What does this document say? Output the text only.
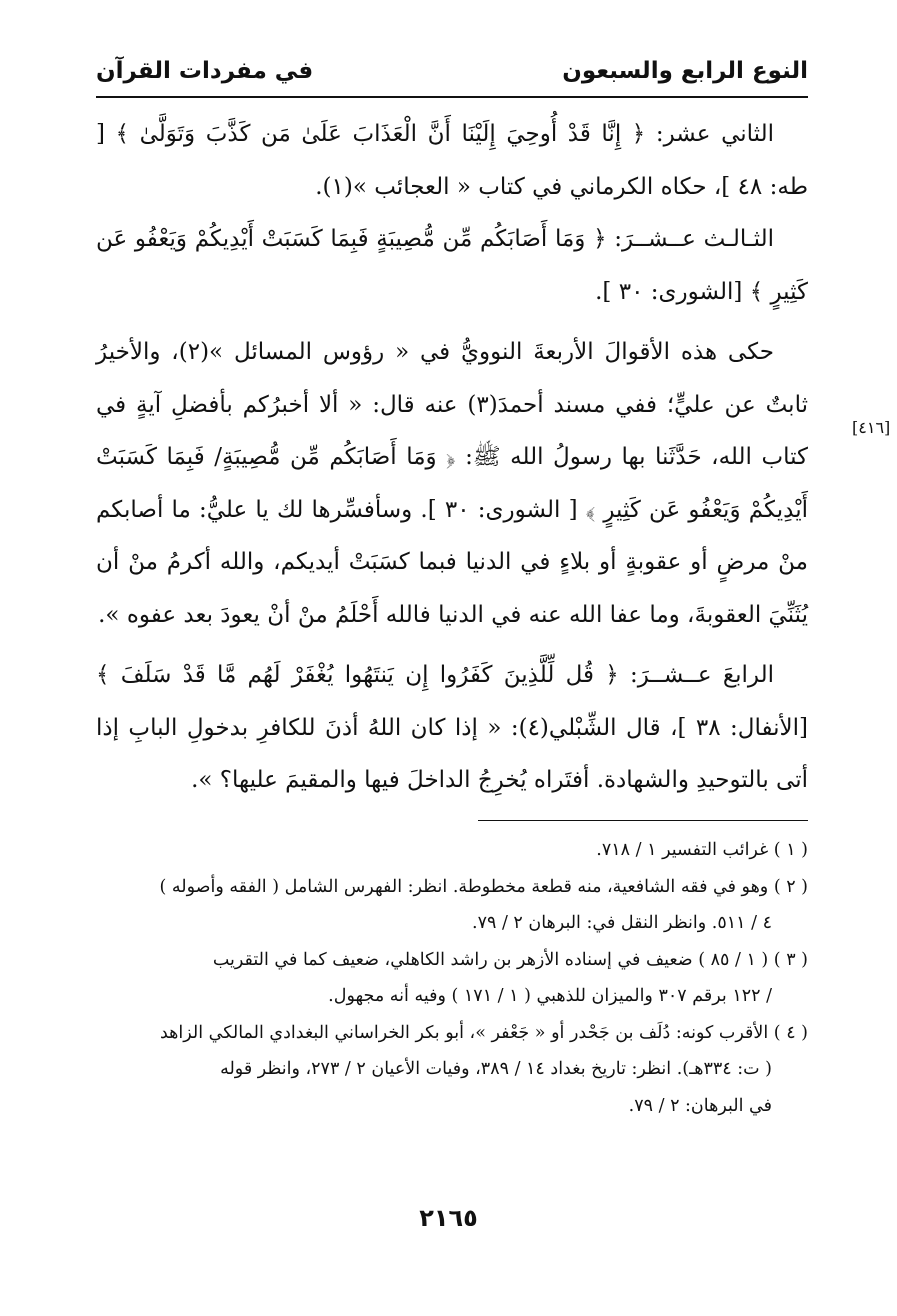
النوع الرابع والسبعون
في مفردات القرآن

الثاني عشر: ﴿ إِنَّا قَدْ أُوحِيَ إِلَيْنَا أَنَّ الْعَذَابَ عَلَىٰ مَن كَذَّبَ وَتَوَلَّىٰ ﴾ [ طه: ٤٨ ]، حكاه الكرماني في كتاب « العجائب »(١).

الثـالـث عــشــرَ: ﴿ وَمَا أَصَابَكُم مِّن مُّصِيبَةٍ فَبِمَا كَسَبَتْ أَيْدِيكُمْ وَيَعْفُو عَن كَثِيرٍ ﴾ [الشورى: ٣٠ ].

حكى هذه الأقوالَ الأربعةَ النوويُّ في « رؤوس المسائل »(٢)، والأخيرُ ثابتٌ عن عليٍّ؛ ففي مسند أحمدَ(٣) عنه قال: « ألا أخبرُكم بأفضلِ آيةٍ في كتاب الله، حَدَّثَنا بها رسولُ الله ﷺ: ﴿ وَمَا أَصَابَكُم مِّن مُّصِيبَةٍ/ فَبِمَا كَسَبَتْ أَيْدِيكُمْ وَيَعْفُو عَن كَثِيرٍ ﴾ [ الشورى: ٣٠ ]. وسأفسِّرها لك يا عليُّ: ما أصابكم منْ مرضٍ أو عقوبةٍ أو بلاءٍ في الدنيا فبما كسَبَتْ أيديكم، والله أكرمُ منْ أن يُثَنِّيَ العقوبةَ، وما عفا الله عنه في الدنيا فالله أَحْلَمُ منْ أنْ يعودَ بعد عفوه ».

الرابعَ عــشــرَ: ﴿ قُل لِّلَّذِينَ كَفَرُوا إِن يَنتَهُوا يُغْفَرْ لَهُم مَّا قَدْ سَلَفَ ﴾ [الأنفال: ٣٨ ]، قال الشِّبْلي(٤): « إذا كان اللهُ أذنَ للكافرِ بدخولِ البابِ إذا أتى بالتوحيدِ والشهادة. أفتَراه يُخرِجُ الداخلَ فيها والمقيمَ عليها؟ ».

[٤١٦]

( ١ ) غرائب التفسير ١ / ٧١٨.

( ٢ ) وهو في فقه الشافعية، منه قطعة مخطوطة. انظر: الفهرس الشامل ( الفقه وأصوله )

٤ / ٥١١. وانظر النقل في: البرهان ٢ / ٧٩.

( ٣ ) ( ١ / ٨٥ ) ضعيف في إسناده الأزهر بن راشد الكاهلي، ضعيف كما في التقريب

/ ١٢٢ برقم ٣٠٧ والميزان للذهبي ( ١ / ١٧١ ) وفيه أنه مجهول.

( ٤ ) الأقرب كونه: دُلَف بن جَحْدر أو « جَعْفر »، أبو بكر الخراساني البغدادي المالكي الزاهد

( ت: ٣٣٤هـ). انظر: تاريخ بغداد ١٤ / ٣٨٩، وفيات الأعيان ٢ / ٢٧٣، وانظر قوله

في البرهان: ٢ / ٧٩.

٢١٦٥
